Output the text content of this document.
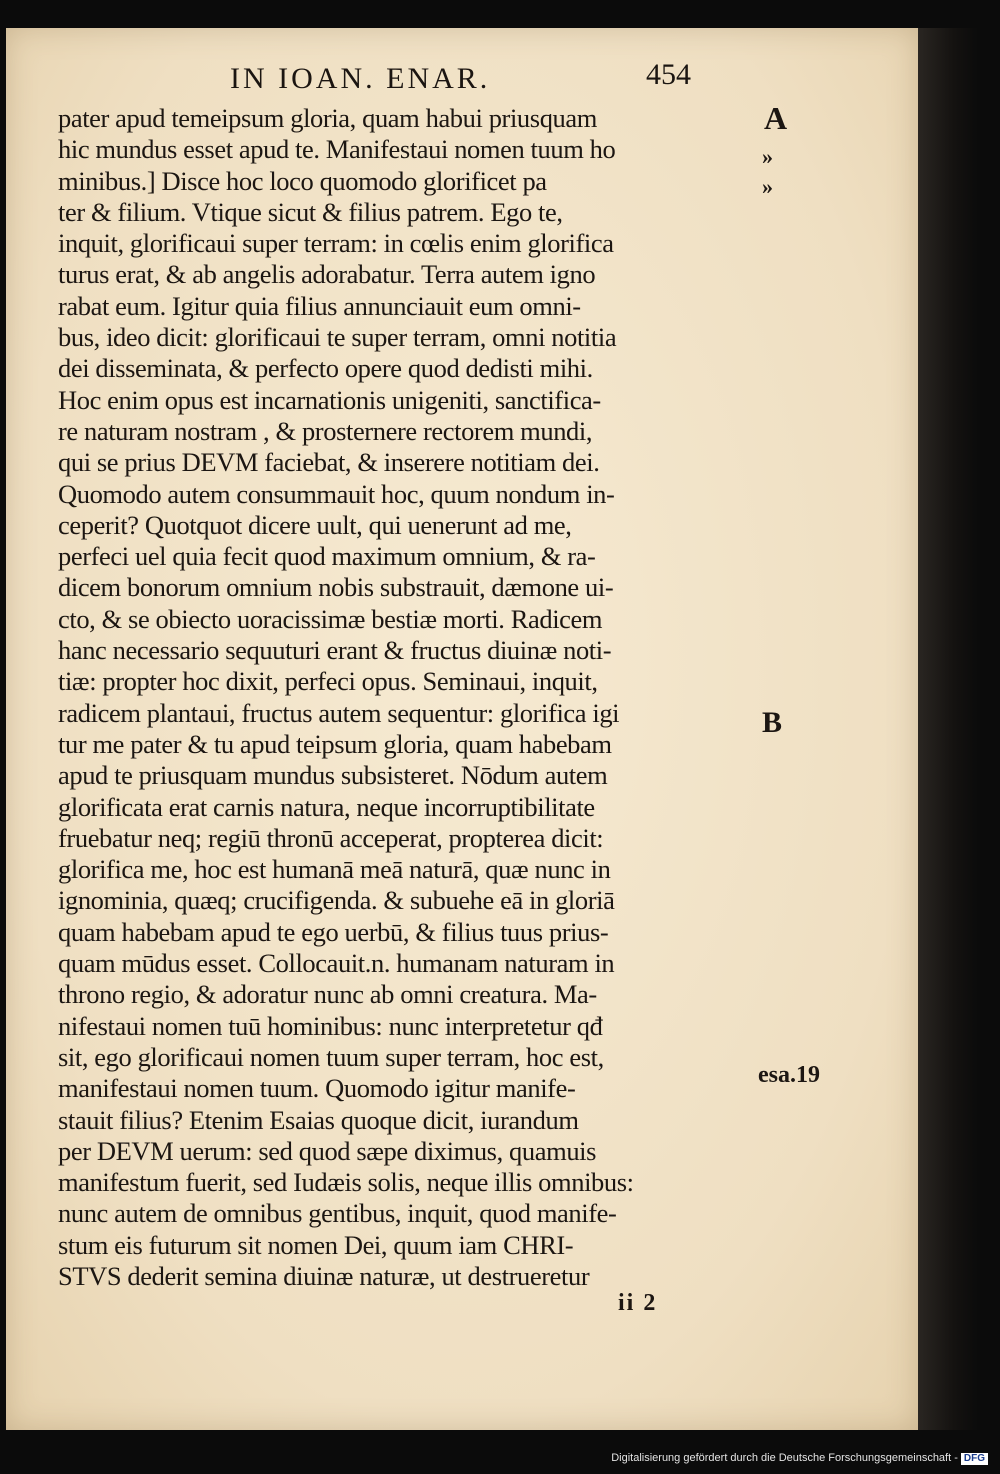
IN IOAN. ENAR.	454
pater apud temeipsum gloria, quam habui priusquam
hic mundus esset apud te. Manifestaui nomen tuum ho
minibus.] Disce hoc loco quomodo glorificet pa
ter & filium. Vtique sicut & filius patrem. Ego te,
inquit, glorificaui super terram: in cœlis enim glorifica
turus erat, & ab angelis adorabatur. Terra autem igno
rabat eum. Igitur quia filius annunciauit eum omni-
bus, ideo dicit: glorificaui te super terram, omni notitia
dei disseminata, & perfecto opere quod dedisti mihi.
Hoc enim opus est incarnationis unigeniti, sanctifica-
re naturam nostram , & prosternere rectorem mundi,
qui se prius DEVM faciebat, & inserere notitiam dei.
Quomodo autem consummauit hoc, quum nondum in-
ceperit? Quotquot dicere uult, qui uenerunt ad me,
perfeci uel quia fecit quod maximum omnium, & ra-
dicem bonorum omnium nobis substrauit, dæmone ui-
cto, & se obiecto uoracissimæ bestiæ morti. Radicem
hanc necessario sequuturi erant & fructus diuinæ noti-
tiæ: propter hoc dixit, perfeci opus. Seminaui, inquit,
radicem plantaui, fructus autem sequentur: glorifica igi
tur me pater & tu apud teipsum gloria, quam habebam
apud te priusquam mundus subsisteret. Nōdum autem
glorificata erat carnis natura, neque incorruptibilitate
fruebatur neq; regiū thronū acceperat, propterea dicit:
glorifica me, hoc est humanā meā naturā, quæ nunc in
ignominia, quæq; crucifigenda. & subuehe eā in gloriā
quam habebam apud te ego uerbū, & filius tuus prius-
quam mūdus esset. Collocauit.n. humanam naturam in
throno regio, & adoratur nunc ab omni creatura. Ma-
nifestaui nomen tuū hominibus: nunc interpretetur qđ
sit, ego glorificaui nomen tuum super terram, hoc est,
manifestaui nomen tuum. Quomodo igitur manife-
stauit filius? Etenim Esaias quoque dicit, iurandum
per DEVM uerum: sed quod sæpe diximus, quamuis
manifestum fuerit, sed Iudæis solis, neque illis omnibus:
nunc autem de omnibus gentibus, inquit, quod manife-
stum eis futurum sit nomen Dei, quum iam CHRI-
STVS dederit semina diuinæ naturæ, ut destrueretur
A
»
»
B
esa.19
ii 2
Digitalisierung gefördert durch die Deutsche Forschungsgemeinschaft - DFG
